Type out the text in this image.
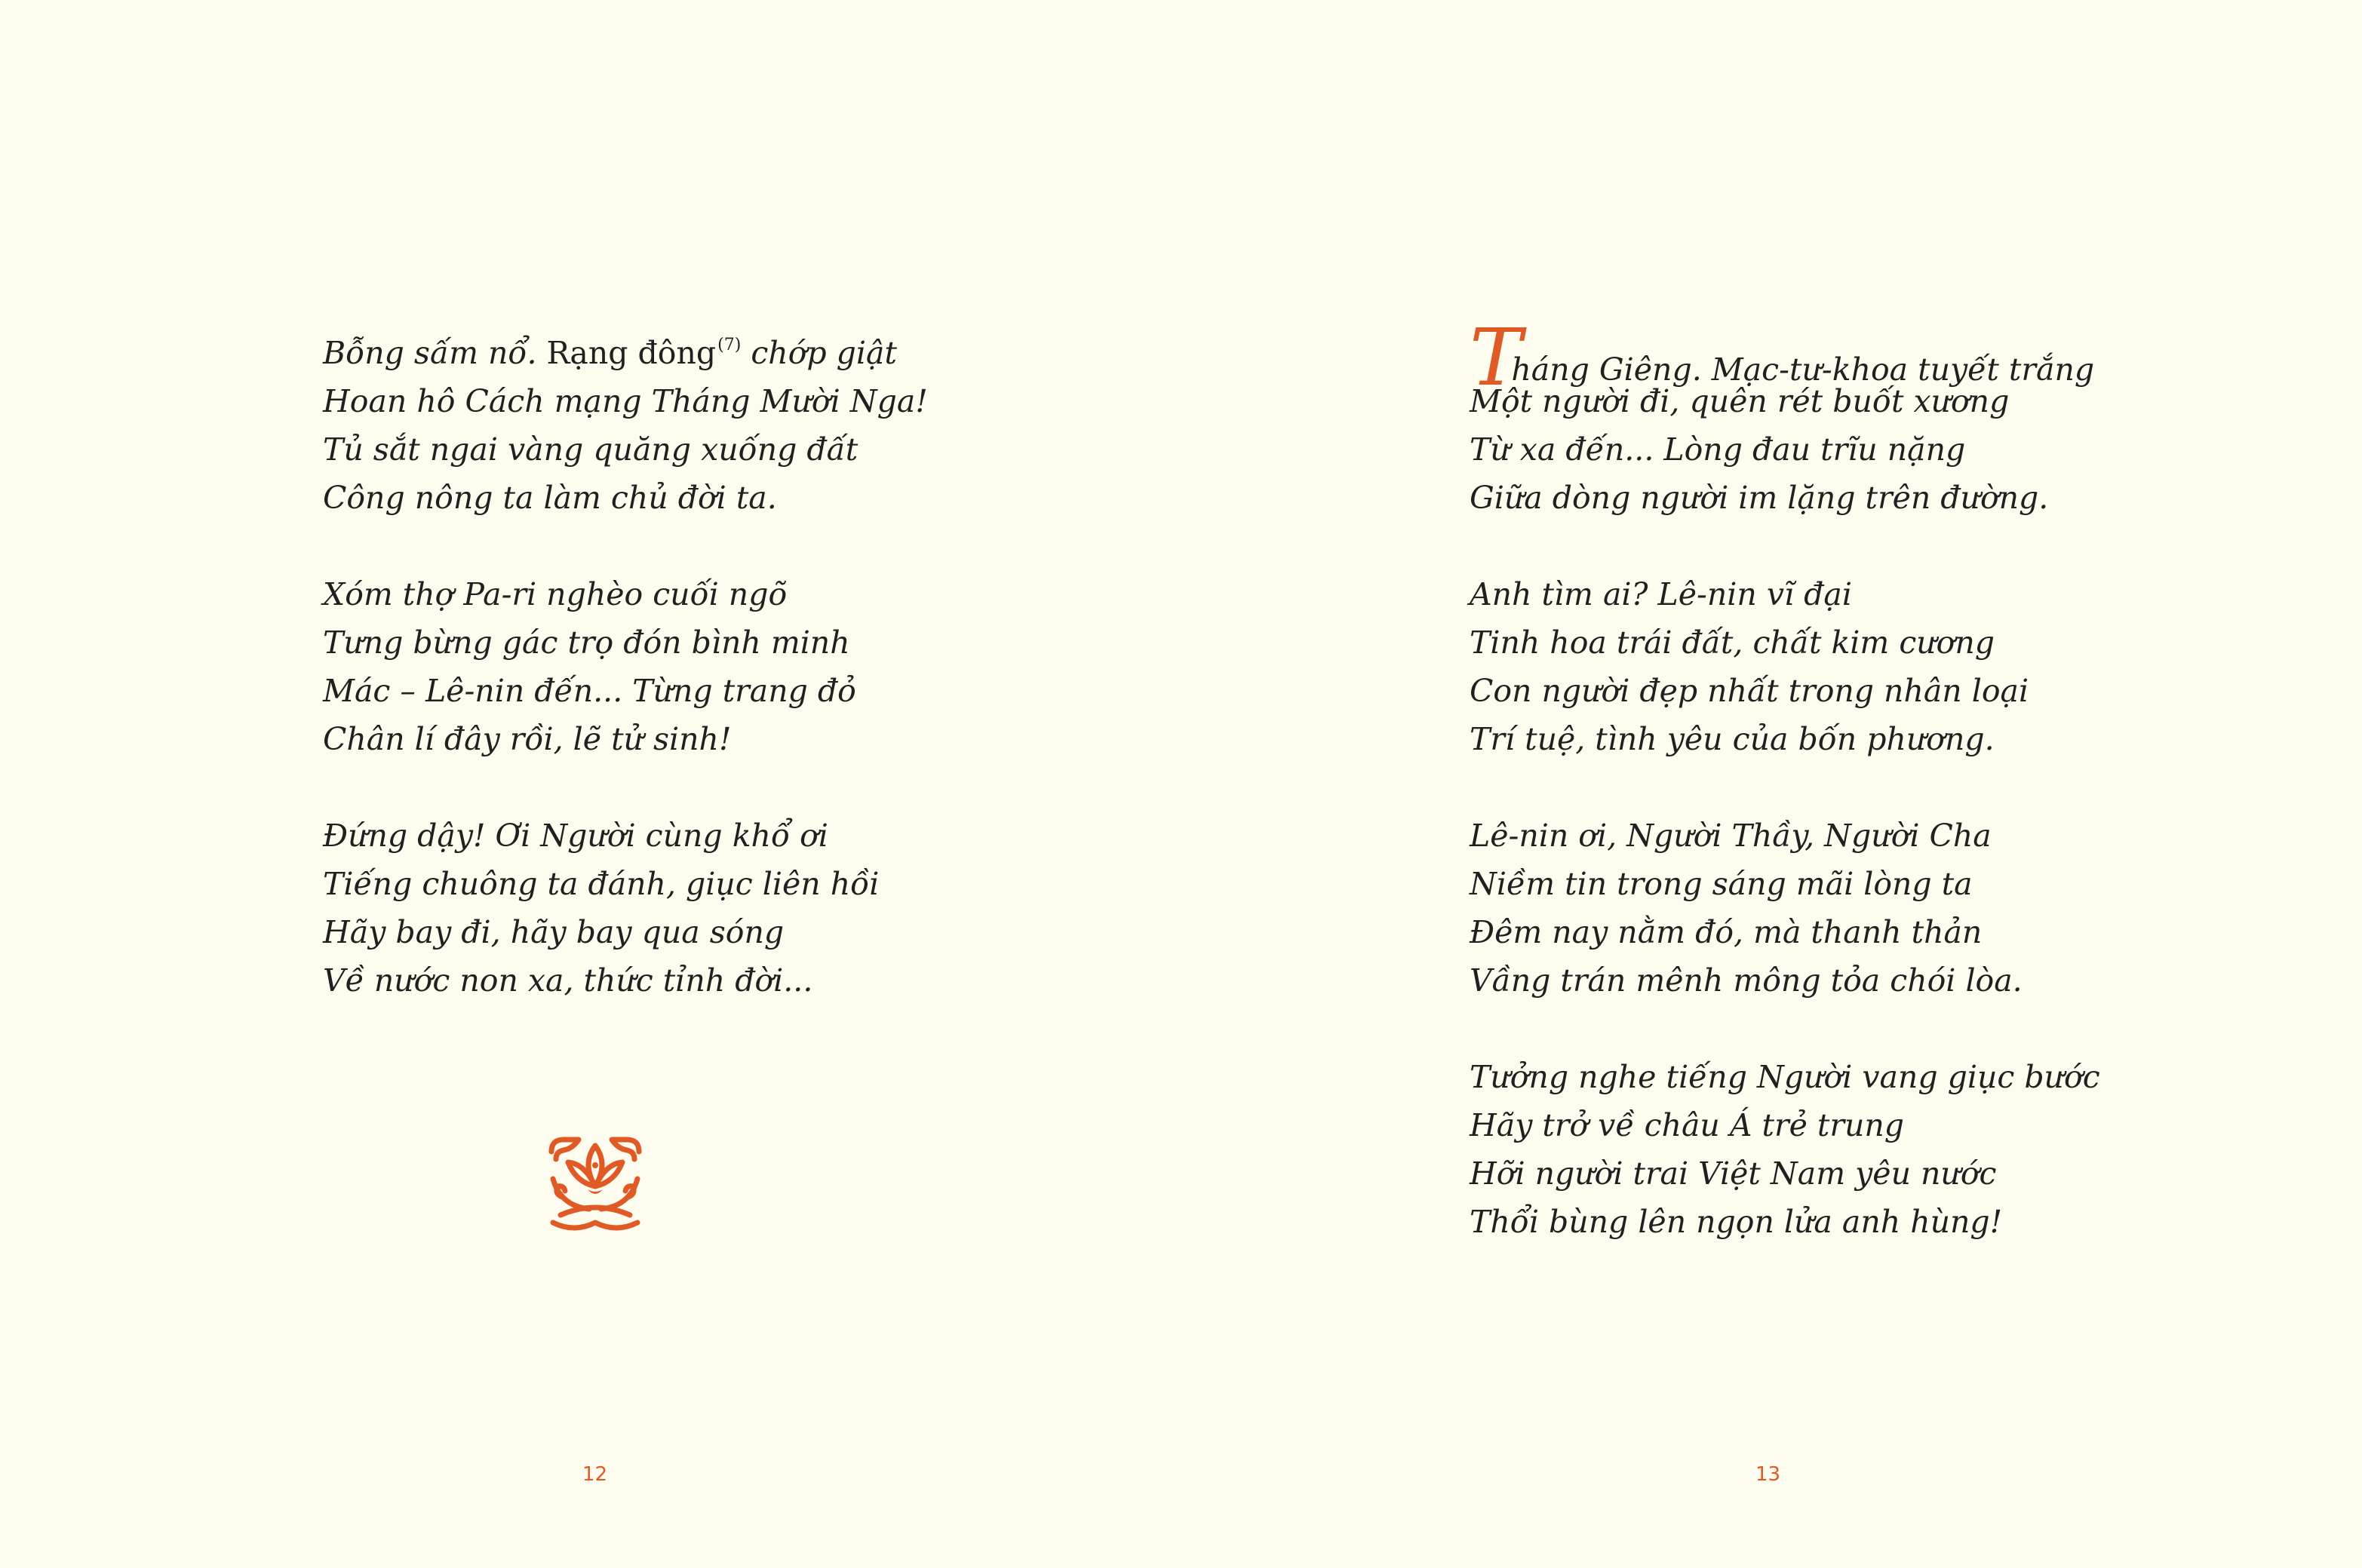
Bỗng sấm nổ. Rạng đông$^{(7)}$ chớp giật
Hoan hô Cách mạng Tháng Mười Nga!
Tủ sắt ngai vàng quăng xuống đất
Công nông ta làm chủ đời ta.
Xóm thợ Pa-ri nghèo cuối ngõ
Tưng bừng gác trọ đón bình minh
Mác – Lê-nin đến... Từng trang đỏ
Chân lí đây rồi, lẽ tử sinh!
Đứng dậy! Ơi Người cùng khổ ơi
Tiếng chuông ta đánh, giục liên hồi
Hãy bay đi, hãy bay qua sóng
Về nước non xa, thức tỉnh đời...
12
Tháng Giêng. Mạc-tư-khoa tuyết trắng
Một người đi, quên rét buốt xương
Từ xa đến... Lòng đau trĩu nặng
Giữa dòng người im lặng trên đường.
Anh tìm ai? Lê-nin vĩ đại
Tinh hoa trái đất, chất kim cương
Con người đẹp nhất trong nhân loại
Trí tuệ, tình yêu của bốn phương.
Lê-nin ơi, Người Thầy, Người Cha
Niềm tin trong sáng mãi lòng ta
Đêm nay nằm đó, mà thanh thản
Vầng trán mênh mông tỏa chói lòa.
Tưởng nghe tiếng Người vang giục bước
Hãy trở về châu Á trẻ trung
Hỡi người trai Việt Nam yêu nước
Thổi bùng lên ngọn lửa anh hùng!
13
